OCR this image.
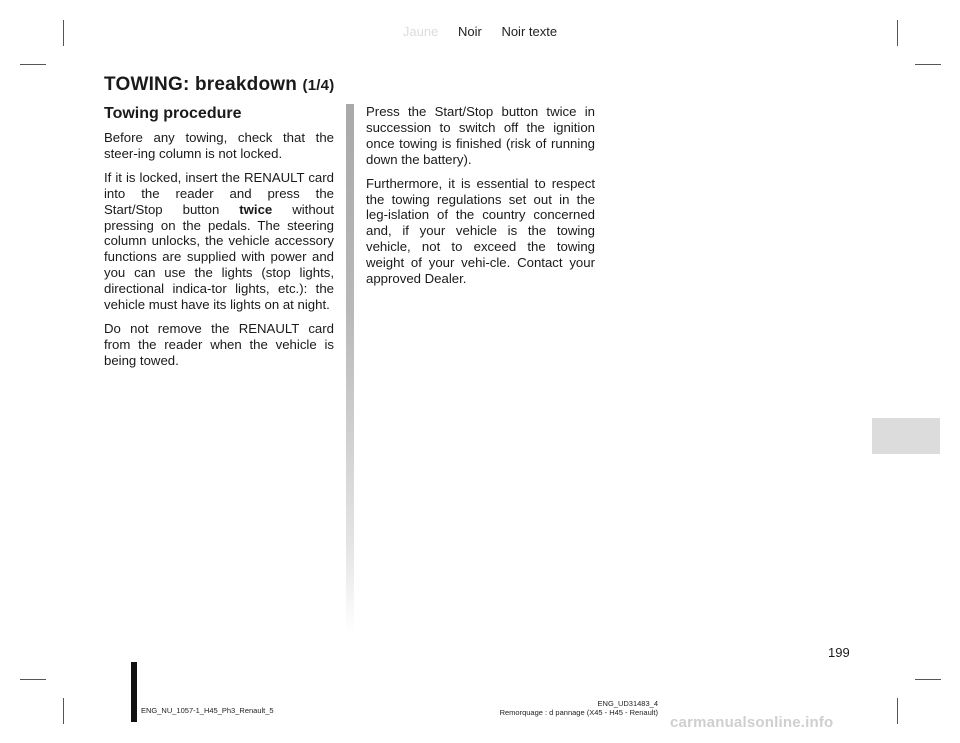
Jaune Noir Noir texte
TOWING: breakdown (1/4)
Towing procedure

Before any towing, check that the steer-ing column is not locked.

If it is locked, insert the RENAULT card into the reader and press the Start/Stop button twice without pressing on the pedals. The steering column unlocks, the vehicle accessory functions are supplied with power and you can use the lights (stop lights, directional indica-tor lights, etc.): the vehicle must have its lights on at night.

Do not remove the RENAULT card from the reader when the vehicle is being towed.

Press the Start/Stop button twice in succession to switch off the ignition once towing is finished (risk of running down the battery).

Furthermore, it is essential to respect the towing regulations set out in the leg-islation of the country concerned and, if your vehicle is the towing vehicle, not to exceed the towing weight of your vehi-cle. Contact your approved Dealer.

199
ENG_NU_1057-1_H45_Ph3_Renault_5
ENG_UD31483_4
Remorquage : d pannage (X45 - H45 - Renault)
carmanualsonline.info
